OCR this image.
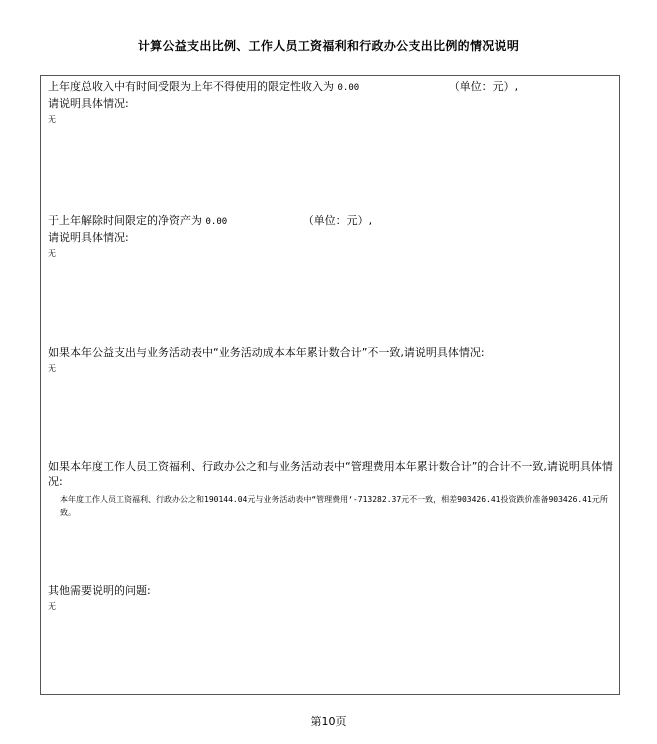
计算公益支出比例、工作人员工资福利和行政办公支出比例的情况说明
上年度总收入中有时间受限为上年不得使用的限定性收入为 0.00	（单位：元）,
请说明具体情况:
无
于上年解除时间限定的净资产为 0.00	（单位：元）,
请说明具体情况:
无
如果本年公益支出与业务活动表中“业务活动成本本年累计数合计”不一致,请说明具体情况:
无
如果本年度工作人员工资福利、行政办公之和与业务活动表中“管理费用本年累计数合计”的合计不一致,请说明具体情况:
本年度工作人员工资福利、行政办公之和190144.04元与业务活动表中“管理费用‘-713282.37元不一致，相差903426.41投资跌价准备903426.41元所致。
其他需要说明的问题:
无
第10页
